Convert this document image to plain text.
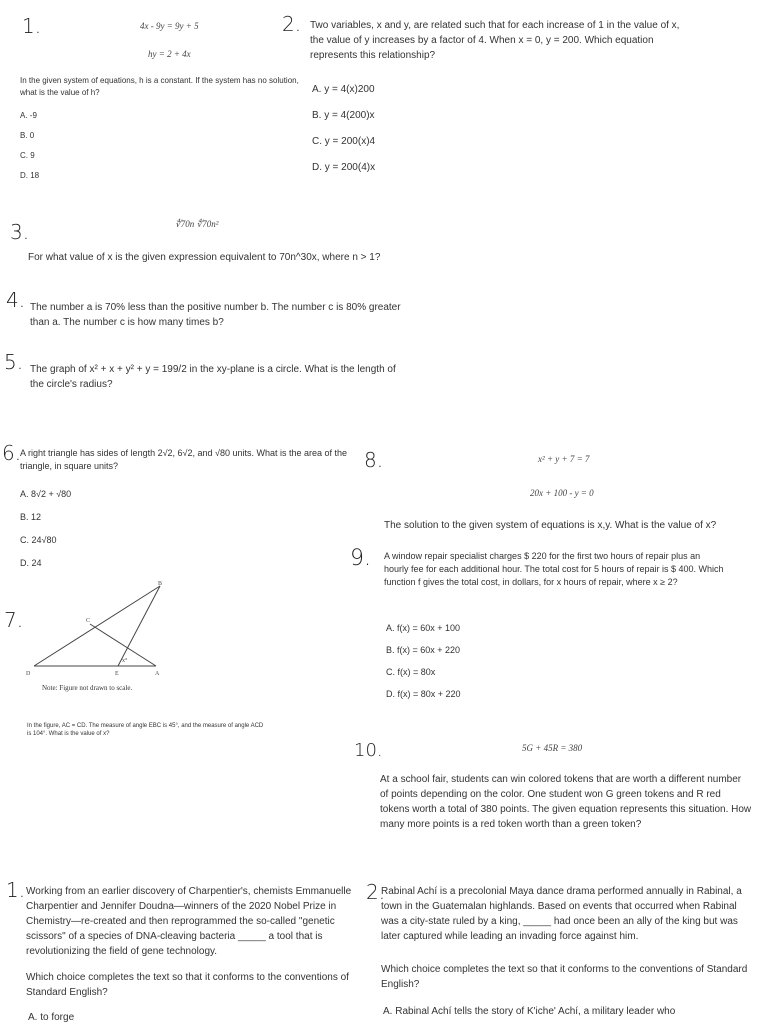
1.	4x - 9y = 9y + 5
hy = 2 + 4x
In the given system of equations, h is a constant. If the system has no solution, what is the value of h?
A. -9
B. 0
C. 9
D. 18
2. Two variables, x and y, are related such that for each increase of 1 in the value of x, the value of y increases by a factor of 4. When x = 0, y = 200. Which equation represents this relationship?
A. y = 4(x)200
B. y = 4(200)x
C. y = 200(x)4
D. y = 200(4)x
3.	∜70n ∜70n²
For what value of x is the given expression equivalent to 70n^30x, where n > 1?
4. The number a is 70% less than the positive number b. The number c is 80% greater than a. The number c is how many times b?
5. The graph of x² + x + y² + y = 199/2 in the xy-plane is a circle. What is the length of the circle's radius?
6.
A right triangle has sides of length 2√2, 6√2, and √80 units. What is the area of the triangle, in square units?
A. 8√2 + √80
B. 12
C. 24√80
D. 24
7.
B
C
D	E	A
x°
Note: Figure not drawn to scale.
In the figure, AC = CD. The measure of angle EBC is 45°, and the measure of angle ACD is 104°. What is the value of x?
8.	x² + y + 7 = 7
20x + 100 - y = 0
The solution to the given system of equations is x,y. What is the value of x?
9. A window repair specialist charges $ 220 for the first two hours of repair plus an hourly fee for each additional hour. The total cost for 5 hours of repair is $ 400. Which function f gives the total cost, in dollars, for x hours of repair, where x ≥ 2?
A. f(x) = 60x + 100
B. f(x) = 60x + 220
C. f(x) = 80x
D. f(x) = 80x + 220
10.	5G + 45R = 380
At a school fair, students can win colored tokens that are worth a different number of points depending on the color. One student won G green tokens and R red tokens worth a total of 380 points. The given equation represents this situation. How many more points is a red token worth than a green token?
1. Working from an earlier discovery of Charpentier's, chemists Emmanuelle Charpentier and Jennifer Doudna—winners of the 2020 Nobel Prize in Chemistry—re-created and then reprogrammed the so-called "genetic scissors" of a species of DNA-cleaving bacteria _____ a tool that is revolutionizing the field of gene technology.
Which choice completes the text so that it conforms to the conventions of Standard English?
A. to forge
2.
Rabinal Achí is a precolonial Maya dance drama performed annually in Rabinal, a town in the Guatemalan highlands. Based on events that occurred when Rabinal was a city-state ruled by a king, _____ had once been an ally of the king but was later captured while leading an invading force against him.
Which choice completes the text so that it conforms to the conventions of Standard English?
A. Rabinal Achí tells the story of K'iche' Achí, a military leader who
